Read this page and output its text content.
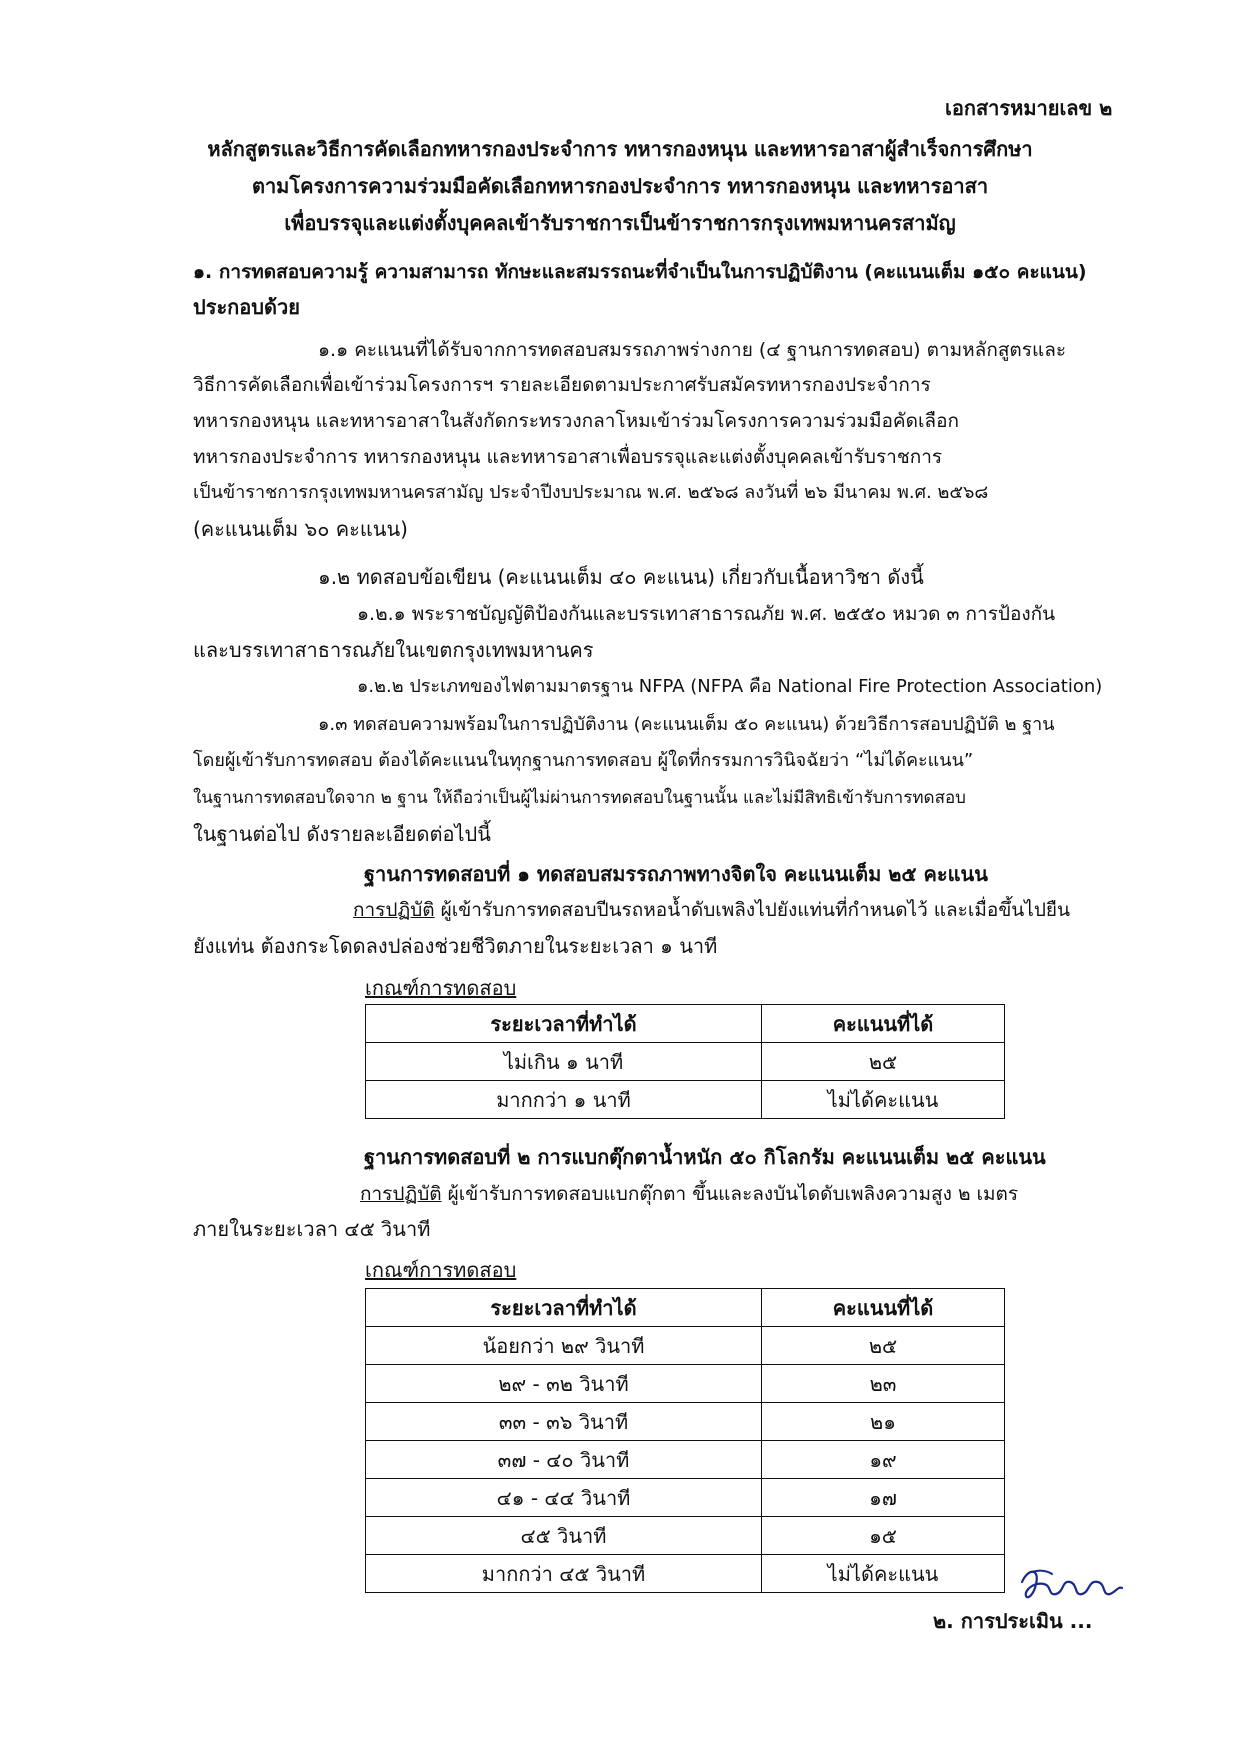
เอกสารหมายเลข ๒
หลักสูตรและวิธีการคัดเลือกทหารกองประจำการ ทหารกองหนุน และทหารอาสาผู้สำเร็จการศึกษา
ตามโครงการความร่วมมือคัดเลือกทหารกองประจำการ ทหารกองหนุน และทหารอาสา
เพื่อบรรจุและแต่งตั้งบุคคลเข้ารับราชการเป็นข้าราชการกรุงเทพมหานครสามัญ
๑. การทดสอบความรู้ ความสามารถ ทักษะและสมรรถนะที่จำเป็นในการปฏิบัติงาน (คะแนนเต็ม ๑๕๐ คะแนน)
ประกอบด้วย
๑.๑ คะแนนที่ได้รับจากการทดสอบสมรรถภาพร่างกาย (๔ ฐานการทดสอบ) ตามหลักสูตรและ
วิธีการคัดเลือกเพื่อเข้าร่วมโครงการฯ รายละเอียดตามประกาศรับสมัครทหารกองประจำการ
ทหารกองหนุน และทหารอาสาในสังกัดกระทรวงกลาโหมเข้าร่วมโครงการความร่วมมือคัดเลือก
ทหารกองประจำการ ทหารกองหนุน และทหารอาสาเพื่อบรรจุและแต่งตั้งบุคคลเข้ารับราชการ
เป็นข้าราชการกรุงเทพมหานครสามัญ ประจำปีงบประมาณ พ.ศ. ๒๕๖๘ ลงวันที่ ๒๖ มีนาคม พ.ศ. ๒๕๖๘
(คะแนนเต็ม ๖๐ คะแนน)
๑.๒ ทดสอบข้อเขียน (คะแนนเต็ม ๔๐ คะแนน) เกี่ยวกับเนื้อหาวิชา ดังนี้
๑.๒.๑ พระราชบัญญัติป้องกันและบรรเทาสาธารณภัย พ.ศ. ๒๕๕๐ หมวด ๓ การป้องกัน
และบรรเทาสาธารณภัยในเขตกรุงเทพมหานคร
๑.๒.๒ ประเภทของไฟตามมาตรฐาน NFPA (NFPA คือ National Fire Protection Association)
๑.๓ ทดสอบความพร้อมในการปฏิบัติงาน (คะแนนเต็ม ๕๐ คะแนน) ด้วยวิธีการสอบปฏิบัติ ๒ ฐาน
โดยผู้เข้ารับการทดสอบ ต้องได้คะแนนในทุกฐานการทดสอบ ผู้ใดที่กรรมการวินิจฉัยว่า “ไม่ได้คะแนน”
ในฐานการทดสอบใดจาก ๒ ฐาน ให้ถือว่าเป็นผู้ไม่ผ่านการทดสอบในฐานนั้น และไม่มีสิทธิเข้ารับการทดสอบ
ในฐานต่อไป ดังรายละเอียดต่อไปนี้
ฐานการทดสอบที่ ๑ ทดสอบสมรรถภาพทางจิตใจ คะแนนเต็ม ๒๕ คะแนน
การปฏิบัติ ผู้เข้ารับการทดสอบปีนรถหอน้ำดับเพลิงไปยังแท่นที่กำหนดไว้ และเมื่อขึ้นไปยืน
ยังแท่น ต้องกระโดดลงปล่องช่วยชีวิตภายในระยะเวลา ๑ นาที
เกณฑ์การทดสอบ
ระยะเวลาที่ทำได้	คะแนนที่ได้
ไม่เกิน ๑ นาที	๒๕
มากกว่า ๑ นาที	ไม่ได้คะแนน
ฐานการทดสอบที่ ๒ การแบกตุ๊กตาน้ำหนัก ๕๐ กิโลกรัม คะแนนเต็ม ๒๕ คะแนน
การปฏิบัติ ผู้เข้ารับการทดสอบแบกตุ๊กตา ขึ้นและลงบันไดดับเพลิงความสูง ๒ เมตร
ภายในระยะเวลา ๔๕ วินาที
เกณฑ์การทดสอบ
ระยะเวลาที่ทำได้	คะแนนที่ได้
น้อยกว่า ๒๙ วินาที	๒๕
๒๙ - ๓๒ วินาที	๒๓
๓๓ - ๓๖ วินาที	๒๑
๓๗ - ๔๐ วินาที	๑๙
๔๑ - ๔๔ วินาที	๑๗
๔๕ วินาที	๑๕
มากกว่า ๔๕ วินาที	ไม่ได้คะแนน
๒. การประเมิน ...
